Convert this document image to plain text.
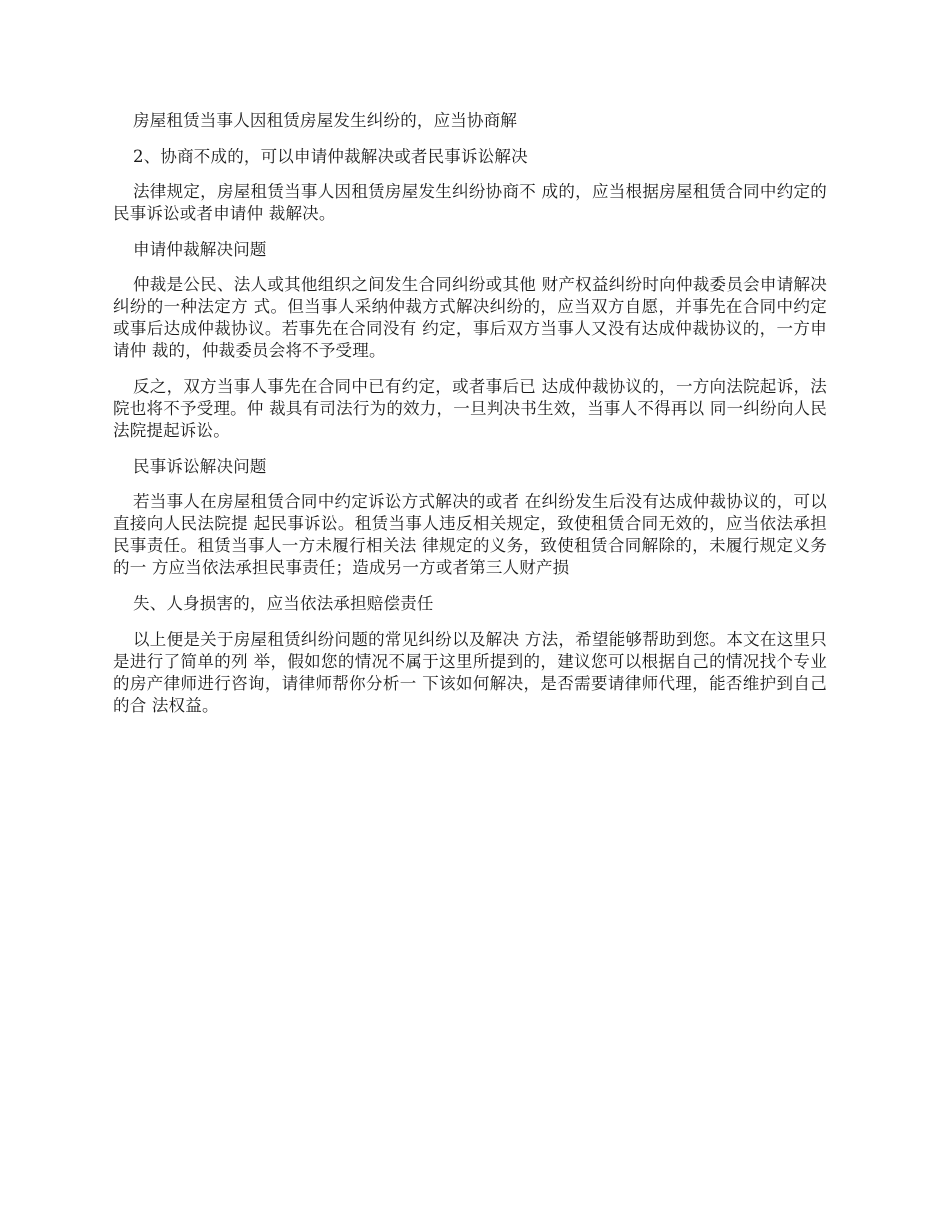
房屋租赁当事人因租赁房屋发生纠纷的，应当协商解

2、协商不成的，可以申请仲裁解决或者民事诉讼解决

法律规定，房屋租赁当事人因租赁房屋发生纠纷协商不 成的，应当根据房屋租赁合同中约定的民事诉讼或者申请仲 裁解决。

申请仲裁解决问题

仲裁是公民、法人或其他组织之间发生合同纠纷或其他 财产权益纠纷时向仲裁委员会申请解决纠纷的一种法定方 式。但当事人采纳仲裁方式解决纠纷的，应当双方自愿，并事先在合同中约定或事后达成仲裁协议。若事先在合同没有 约定，事后双方当事人又没有达成仲裁协议的，一方申请仲 裁的，仲裁委员会将不予受理。

反之，双方当事人事先在合同中已有约定，或者事后已 达成仲裁协议的，一方向法院起诉，法院也将不予受理。仲 裁具有司法行为的效力，一旦判决书生效，当事人不得再以 同一纠纷向人民法院提起诉讼。

民事诉讼解决问题

若当事人在房屋租赁合同中约定诉讼方式解决的或者 在纠纷发生后没有达成仲裁协议的，可以直接向人民法院提 起民事诉讼。租赁当事人违反相关规定，致使租赁合同无效的，应当依法承担民事责任。租赁当事人一方未履行相关法 律规定的义务，致使租赁合同解除的，未履行规定义务的一 方应当依法承担民事责任；造成另一方或者第三人财产损

失、人身损害的，应当依法承担赔偿责任

以上便是关于房屋租赁纠纷问题的常见纠纷以及解决 方法，希望能够帮助到您。本文在这里只是进行了简单的列 举，假如您的情况不属于这里所提到的，建议您可以根据自己的情况找个专业的房产律师进行咨询，请律师帮你分析一 下该如何解决，是否需要请律师代理，能否维护到自己的合 法权益。
